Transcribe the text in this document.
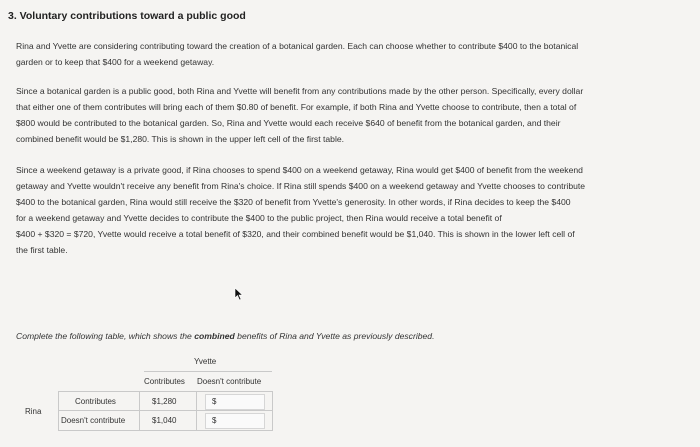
3. Voluntary contributions toward a public good
Rina and Yvette are considering contributing toward the creation of a botanical garden. Each can choose whether to contribute $400 to the botanical
garden or to keep that $400 for a weekend getaway.
Since a botanical garden is a public good, both Rina and Yvette will benefit from any contributions made by the other person. Specifically, every dollar
that either one of them contributes will bring each of them $0.80 of benefit. For example, if both Rina and Yvette choose to contribute, then a total of
$800 would be contributed to the botanical garden. So, Rina and Yvette would each receive $640 of benefit from the botanical garden, and their
combined benefit would be $1,280. This is shown in the upper left cell of the first table.
Since a weekend getaway is a private good, if Rina chooses to spend $400 on a weekend getaway, Rina would get $400 of benefit from the weekend
getaway and Yvette wouldn't receive any benefit from Rina's choice. If Rina still spends $400 on a weekend getaway and Yvette chooses to contribute
$400 to the botanical garden, Rina would still receive the $320 of benefit from Yvette's generosity. In other words, if Rina decides to keep the $400
for a weekend getaway and Yvette decides to contribute the $400 to the public project, then Rina would receive a total benefit of
$400 + $320 = $720, Yvette would receive a total benefit of $320, and their combined benefit would be $1,040. This is shown in the lower left cell of
the first table.
Complete the following table, which shows the combined benefits of Rina and Yvette as previously described.
Yvette
Contributes Doesn't contribute
Rina
Contributes
Doesn't contribute
$1,280
$1,040
$
$
